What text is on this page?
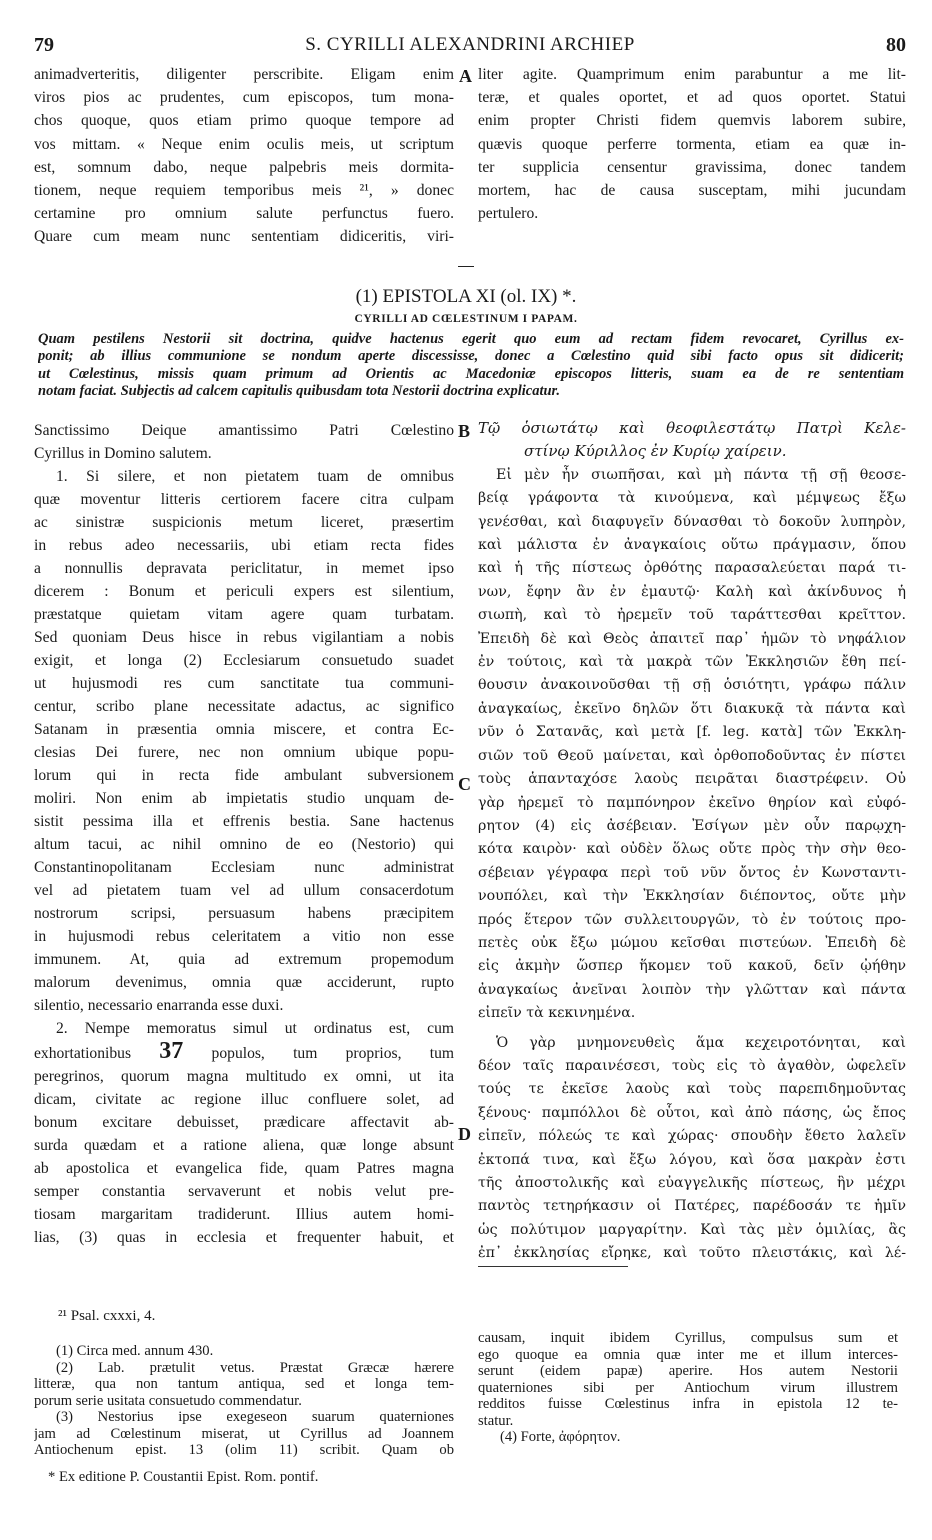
79	S. CYRILLI ALEXANDRINI ARCHIEP	80
animadverteritis, diligenter perscribite. Eligam enim
viros pios ac prudentes, cum episcopos, tum mona-
chos quoque, quos etiam primo quoque tempore ad
vos mittam. « Neque enim oculis meis, ut scriptum
est, somnum dabo, neque palpebris meis dormita-
tionem, neque requiem temporibus meis ²¹, » donec
certamine pro omnium salute perfunctus fuero.
Quare cum meam nunc sententiam didiceritis, viri-
A liter agite. Quamprimum enim parabuntur a me lit-
teræ, et quales oportet, et ad quos oportet. Statui
enim propter Christi fidem quemvis laborem subire,
quævis quoque perferre tormenta, etiam ea quæ in-
ter supplicia censentur gravissima, donec tandem
mortem, hac de causa susceptam, mihi jucundam
pertulero.
(1) EPISTOLA XI (ol. IX) *.
CYRILLI AD CŒLESTINUM I PAPAM.
Quam pestilens Nestorii sit doctrina, quidve hactenus egerit quo eum ad rectam fidem revocaret, Cyrillus ex-
ponit; ab illius communione se nondum aperte discessisse, donec a Cœlestino quid sibi facto opus sit didicerit;
ut Cœlestinus, missis quam primum ad Orientis ac Macedoniæ episcopos litteris, suam ea de re sententiam
notam faciat. Subjectis ad calcem capitulis quibusdam tota Nestorii doctrina explicatur.
Sanctissimo Deique amantissimo Patri Cœlestino
Cyrillus in Domino salutem.
1. Si silere, et non pietatem tuam de omnibus
quæ moventur litteris certiorem facere citra culpam
ac sinistræ suspicionis metum liceret, præsertim
in rebus adeo necessariis, ubi etiam recta fides
a nonnullis depravata periclitatur, in memet ipso
dicerem : Bonum et periculi expers est silentium,
præstatque quietam vitam agere quam turbatam.
Sed quoniam Deus hisce in rebus vigilantiam a nobis
exigit, et longa (2) Ecclesiarum consuetudo suadet
ut hujusmodi res cum sanctitate tua communi-
centur, scribo plane necessitate adactus, ac significo
Satanam in præsentia omnia miscere, et contra Ec-
clesias Dei furere, nec non omnium ubique popu-
lorum qui in recta fide ambulant subversionem
moliri. Non enim ab impietatis studio unquam de-
sistit pessima illa et effrenis bestia. Sane hactenus
altum tacui, ac nihil omnino de eo (Nestorio) qui
Constantinopolitanam Ecclesiam nunc administrat
vel ad pietatem tuam vel ad ullum consacerdotum
nostrorum scripsi, persuasum habens præcipitem
in hujusmodi rebus celeritatem a vitio non esse
immunem. At, quia ad extremum propemodum
malorum devenimus, omnia quæ acciderunt, rupto
silentio, necessario enarranda esse duxi.
2. Nempe memoratus simul ut ordinatus est, cum
exhortationibus 37 populos, tum proprios, tum
peregrinos, quorum magna multitudo ex omni, ut ita
dicam, civitate ac regione illuc confluere solet, ad
bonum excitare debuisset, prædicare affectavit ab-
surda quædam et a ratione aliena, quæ longe absunt
ab apostolica et evangelica fide, quam Patres magna
semper constantia servaverunt et nobis velut pre-
tiosam margaritam tradiderunt. Illius autem homi-
lias, (3) quas in ecclesia et frequenter habuit, et
B
C
D
Τῷ ὁσιωτάτῳ καὶ θεοφιλεστάτῳ Πατρὶ Κελε-
στίνῳ Κύριλλος ἐν Κυρίῳ χαίρειν.
Εἰ μὲν ἦν σιωπῆσαι, καὶ μὴ πάντα τῇ σῇ θεοσε-
βείᾳ γράφοντα τὰ κινούμενα, καὶ μέμψεως ἔξω
γενέσθαι, καὶ διαφυγεῖν δύνασθαι τὸ δοκοῦν λυπηρὸν,
καὶ μάλιστα ἐν ἀναγκαίοις οὕτω πράγμασιν, ὅπου
καὶ ἡ τῆς πίστεως ὀρθότης παρασαλεύεται παρά τι-
νων, ἔφην ἂν ἐν ἐμαυτῷ· Καλὴ καὶ ἀκίνδυνος ἡ
σιωπὴ, καὶ τὸ ἠρεμεῖν τοῦ ταράττεσθαι κρεῖττον.
Ἐπειδὴ δὲ καὶ Θεὸς ἀπαιτεῖ παρ᾽ ἡμῶν τὸ νηφάλιον
ἐν τούτοις, καὶ τὰ μακρὰ τῶν Ἐκκλησιῶν ἔθη πεί-
θουσιν ἀνακοινοῦσθαι τῇ σῇ ὁσιότητι, γράφω πάλιν
ἀναγκαίως, ἐκεῖνο δηλῶν ὅτι διακυκᾷ τὰ πάντα καὶ
νῦν ὁ Σατανᾶς, καὶ μετὰ [f. leg. κατὰ] τῶν Ἐκκλη-
σιῶν τοῦ Θεοῦ μαίνεται, καὶ ὀρθοποδοῦντας ἐν πίστει
τοὺς ἁπανταχόσε λαοὺς πειρᾶται διαστρέφειν. Οὐ
γὰρ ἠρεμεῖ τὸ παμπόνηρον ἐκεῖνο θηρίον καὶ εὐφό-
ρητον (4) εἰς ἀσέβειαν. Ἐσίγων μὲν οὖν παρῳχη-
κότα καιρὸν· καὶ οὐδὲν ὅλως οὔτε πρὸς τὴν σὴν θεο-
σέβειαν γέγραφα περὶ τοῦ νῦν ὄντος ἐν Κωνσταντι-
νουπόλει, καὶ τὴν Ἐκκλησίαν διέποντος, οὔτε μὴν
πρός ἕτερον τῶν συλλειτουργῶν, τὸ ἐν τούτοις προ-
πετὲς οὐκ ἔξω μώμου κεῖσθαι πιστεύων. Ἐπειδὴ δὲ
εἰς ἀκμὴν ὥσπερ ἥκομεν τοῦ κακοῦ, δεῖν ᾠήθην
ἀναγκαίως ἀνεῖναι λοιπὸν τὴν γλῶτταν καὶ πάντα
εἰπεῖν τὰ κεκινημένα.
Ὁ γὰρ μνημονευθεὶς ἅμα κεχειροτόνηται, καὶ
δέον ταῖς παραινέσεσι, τοὺς εἰς τὸ ἀγαθὸν, ὠφελεῖν
τούς τε ἐκεῖσε λαοὺς καὶ τοὺς παρεπιδημοῦντας
ξένους· παμπόλλοι δὲ οὗτοι, καὶ ἀπὸ πάσης, ὡς ἔπος
εἰπεῖν, πόλεώς τε καὶ χώρας· σπουδὴν ἔθετο λαλεῖν
ἐκτοπά τινα, καὶ ἔξω λόγου, καὶ ὅσα μακρὰν ἐστι
τῆς ἀποστολικῆς καὶ εὐαγγελικῆς πίστεως, ἣν μέχρι
παντὸς τετηρήκασιν οἱ Πατέρες, παρέδοσάν τε ἡμῖν
ὡς πολύτιμον μαργαρίτην. Καὶ τὰς μὲν ὁμιλίας, ἃς
ἐπ᾽ ἐκκλησίας εἴρηκε, καὶ τοῦτο πλειστάκις, καὶ λέ-
²¹ Psal. cxxxi, 4.
(1) Circa med. annum 430.
(2) Lab. prætulit vetus. Præstat Græcæ hærere
litteræ, qua non tantum antiqua, sed et longa tem-
porum serie usitata consuetudo commendatur.
(3) Nestorius ipse exegeseon suarum quaterniones
jam ad Cœlestinum miserat, ut Cyrillus ad Joannem
Antiochenum epist. 13 (olim 11) scribit. Quam ob
* Ex editione P. Coustantii Epist. Rom. pontif.
causam, inquit ibidem Cyrillus, compulsus sum et
ego quoque ea omnia quæ inter me et illum interces-
serunt (eidem papæ) aperire. Hos autem Nestorii
quaterniones sibi per Antiochum virum illustrem
redditos fuisse Cœlestinus infra in epistola 12 te-
statur.
(4) Forte, ἀφόρητον.
